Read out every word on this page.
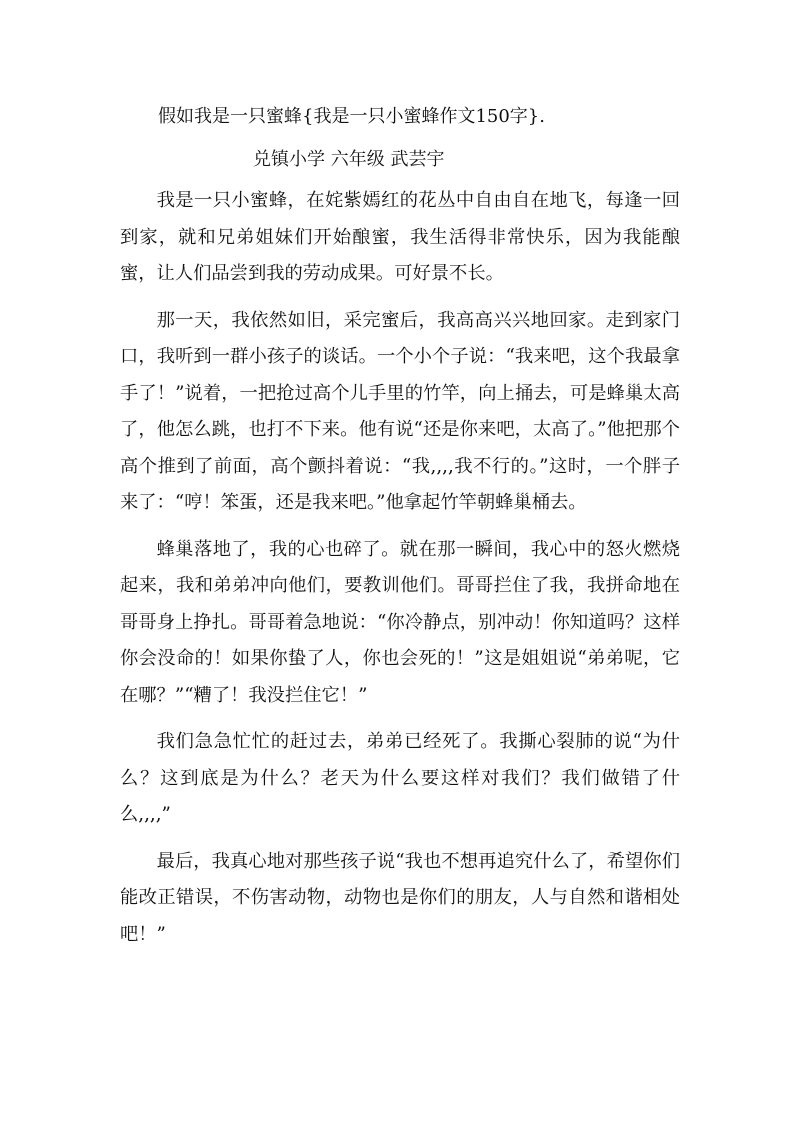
假如我是一只蜜蜂{我是一只小蜜蜂作文150字}.
兑镇小学 六年级 武芸宇

我是一只小蜜蜂，在姹紫嫣红的花丛中自由自在地飞，每逢一回到家，就和兄弟姐妹们开始酿蜜，我生活得非常快乐，因为我能酿蜜，让人们品尝到我的劳动成果。可好景不长。

那一天，我依然如旧，采完蜜后，我高高兴兴地回家。走到家门口，我听到一群小孩子的谈话。一个小个子说：“我来吧，这个我最拿手了！”说着，一把抢过高个儿手里的竹竿，向上捅去，可是蜂巢太高了，他怎么跳，也打不下来。他有说“还是你来吧，太高了。”他把那个高个推到了前面，高个颤抖着说：“我,,,,我不行的。”这时，一个胖子来了：“哼！笨蛋，还是我来吧。”他拿起竹竿朝蜂巢桶去。

蜂巢落地了，我的心也碎了。就在那一瞬间，我心中的怒火燃烧起来，我和弟弟冲向他们，要教训他们。哥哥拦住了我，我拼命地在哥哥身上挣扎。哥哥着急地说：“你冷静点，别冲动！你知道吗？这样你会没命的！如果你蛰了人，你也会死的！”这是姐姐说“弟弟呢，它在哪？”“糟了！我没拦住它！”

我们急急忙忙的赶过去，弟弟已经死了。我撕心裂肺的说“为什么？这到底是为什么？老天为什么要这样对我们？我们做错了什么,,,,”

最后，我真心地对那些孩子说“我也不想再追究什么了，希望你们能改正错误，不伤害动物，动物也是你们的朋友，人与自然和谐相处吧！”
